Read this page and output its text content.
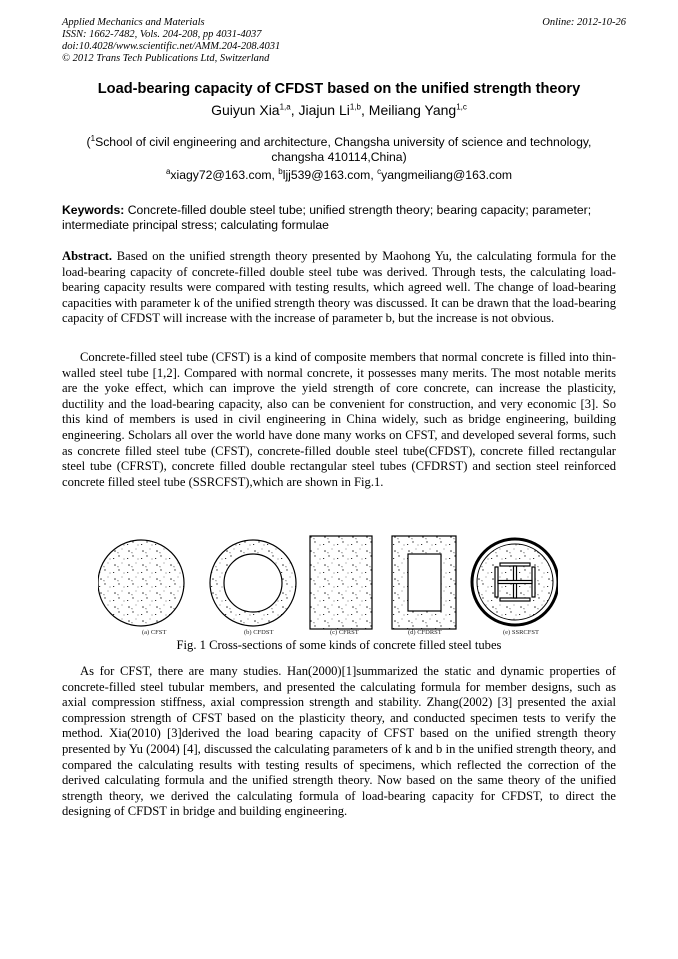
Applied Mechanics and Materials
ISSN: 1662-7482, Vols. 204-208, pp 4031-4037
doi:10.4028/www.scientific.net/AMM.204-208.4031
© 2012 Trans Tech Publications Ltd, Switzerland
Online: 2012-10-26
Load-bearing capacity of CFDST based on the unified strength theory
Guiyun Xia$^{1,a}$, Jiajun Li$^{1,b}$, Meiliang Yang$^{1,c}$
($^1$School of civil engineering and architecture, Changsha university of science and technology, changsha 410114,China)
$^a$xiagy72@163.com, $^b$ljj539@163.com, $^c$yangmeiliang@163.com
Keywords: Concrete-filled double steel tube; unified strength theory; bearing capacity; parameter; intermediate principal stress; calculating formulae
Abstract. Based on the unified strength theory presented by Maohong Yu, the calculating formula for the load-bearing capacity of concrete-filled double steel tube was derived. Through tests, the calculating load-bearing capacity results were compared with testing results, which agreed well. The change of load-bearing capacities with parameter k of the unified strength theory was discussed. It can be drawn that the load-bearing capacity of CFDST will increase with the increase of parameter b, but the increase is not obvious.
Concrete-filled steel tube (CFST) is a kind of composite members that normal concrete is filled into thin-walled steel tube [1,2]. Compared with normal concrete, it possesses many merits. The most notable merits are the yoke effect, which can improve the yield strength of core concrete, can increase the plasticity, ductility and the load-bearing capacity, also can be convenient for construction, and very economic [3]. So this kind of members is used in civil engineering in China widely, such as bridge engineering, building engineering. Scholars all over the world have done many works on CFST, and developed several forms, such as concrete filled steel tube (CFST), concrete-filled double steel tube(CFDST), concrete filled rectangular steel tube (CFRST), concrete filled double rectangular steel tubes (CFDRST) and section steel reinforced concrete filled steel tube (SSRCFST),which are shown in Fig.1.
(a) CFST	(b) CFDST	(c) CFRST	(d) CFDRST	(e) SSRCFST
Fig. 1 Cross-sections of some kinds of concrete filled steel tubes
As for CFST, there are many studies. Han(2000)[1]summarized the static and dynamic properties of concrete-filled steel tubular members, and presented the calculating formula for member designs, such as axial compression stiffness, axial compression strength and stability. Zhang(2002) [3] presented the axial compression strength of CFST based on the plasticity theory, and conducted specimen tests to verify the method. Xia(2010) [3]derived the load bearing capacity of CFST based on the unified strength theory presented by Yu (2004) [4], discussed the calculating parameters of k and b in the unified strength theory, and compared the calculating results with testing results of specimens, which reflected the correction of the derived calculating formula and the unified strength theory. Now based on the same theory of the unified strength theory, we derived the calculating formula of load-bearing capacity for CFDST, to direct the designing of CFDST in bridge and building engineering.
